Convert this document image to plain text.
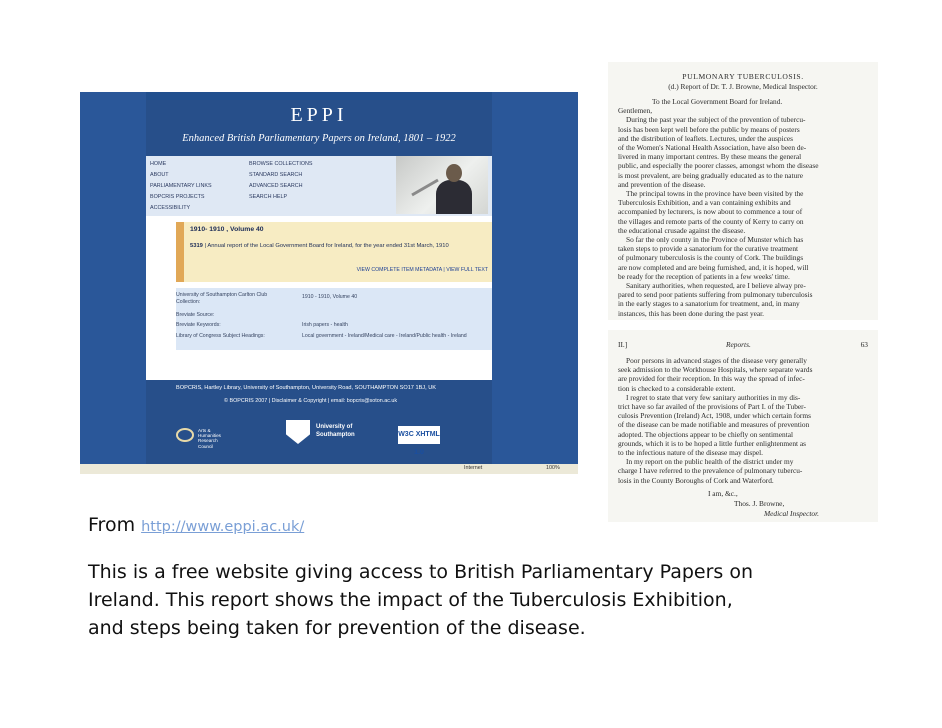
EPPI
Enhanced British Parliamentary Papers on Ireland, 1801 – 1922
HOME
ABOUT
PARLIAMENTARY LINKS
BOPCRIS PROJECTS
ACCESSIBILITY
BROWSE COLLECTIONS
STANDARD SEARCH
ADVANCED SEARCH
SEARCH HELP
1910- 1910 , Volume 40
5319 | Annual report of the Local Government Board for Ireland, for the year ended 31st March, 1910
VIEW COMPLETE ITEM METADATA | VIEW FULL TEXT
University of Southampton Carlton Club Collection:
1910 - 1910, Volume 40
Breviate Source:
Breviate Keywords:	Irish papers - health
Library of Congress Subject Headings:	Local government - Ireland/Medical care - Ireland/Public health - Ireland
BOPCRIS, Hartley Library, University of Southampton, University Road, SOUTHAMPTON SO17 1BJ, UK
© BOPCRIS 2007 | Disclaimer & Copyright | email: bopcris@soton.ac.uk
Arts & Humanities Research Council
University of Southampton	W3C XHTML 1.0
Internet	100%
PULMONARY TUBERCULOSIS.
(d.) Report of Dr. T. J. Browne, Medical Inspector.
To the Local Government Board for Ireland.
Gentlemen,
During the past year the subject of the prevention of tubercu-
losis has been kept well before the public by means of posters
and the distribution of leaflets. Lectures, under the auspices
of the Women's National Health Association, have also been de-
livered in many important centres. By these means the general
public, and especially the poorer classes, amongst whom the disease
is most prevalent, are being gradually educated as to the nature
and prevention of the disease.
The principal towns in the province have been visited by the
Tuberculosis Exhibition, and a van containing exhibits and
accompanied by lecturers, is now about to commence a tour of
the villages and remote parts of the county of Kerry to carry on
the educational crusade against the disease.
So far the only county in the Province of Munster which has
taken steps to provide a sanatorium for the curative treatment
of pulmonary tuberculosis is the county of Cork. The buildings
are now completed and are being furnished, and, it is hoped, will
be ready for the reception of patients in a few weeks' time.
Sanitary authorities, when requested, are I believe alway pre-
pared to send poor patients suffering from pulmonary tuberculosis
in the early stages to a sanatorium for treatment, and, in many
instances, this has been done during the past year.
II.]	Reports.	63
Poor persons in advanced stages of the disease very generally
seek admission to the Workhouse Hospitals, where separate wards
are provided for their reception. In this way the spread of infec-
tion is checked to a considerable extent.
I regret to state that very few sanitary authorities in my dis-
trict have so far availed of the provisions of Part I. of the Tuber-
culosis Prevention (Ireland) Act, 1908, under which certain forms
of the disease can be made notifiable and measures of prevention
adopted. The objections appear to be chiefly on sentimental
grounds, which it is to be hoped a little further enlightenment as
to the infectious nature of the disease may dispel.
In my report on the public health of the district under my
charge I have referred to the prevalence of pulmonary tubercu-
losis in the County Boroughs of Cork and Waterford.
I am, &c.,
Thos. J. Browne,
Medical Inspector.
From http://www.eppi.ac.uk/
This is a free website giving access to British Parliamentary Papers on
Ireland. This report shows the impact of the Tuberculosis Exhibition,
and steps being taken for prevention of the disease.
